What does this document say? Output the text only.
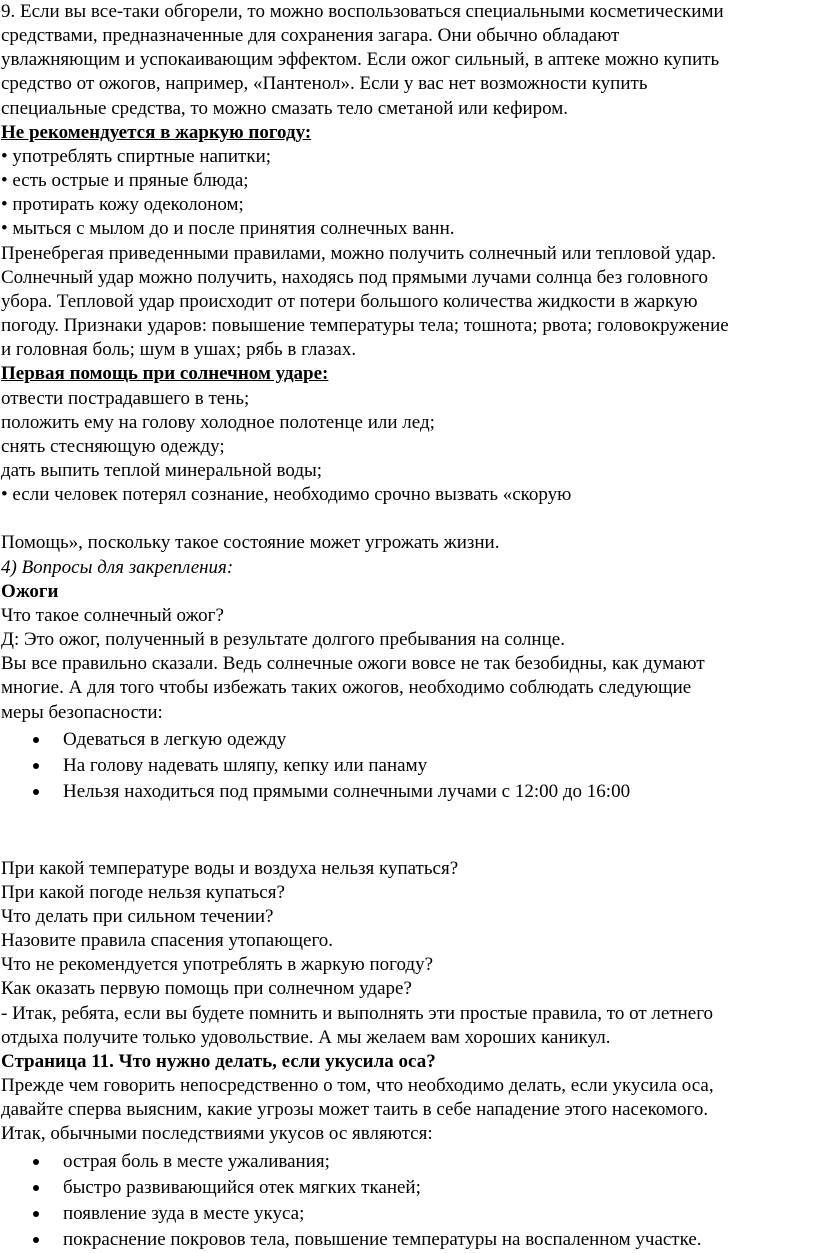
9. Если вы все-таки обгорели, то можно воспользоваться специальными косметическими

средствами, предназначенные для сохранения загара. Они обычно обладают

увлажняющим и успокаивающим эффектом. Если ожог сильный, в аптеке можно купить

средство от ожогов, например, «Пантенол». Если у вас нет возможности купить

специальные средства, то можно смазать тело сметаной или кефиром.

Не рекомендуется в жаркую погоду:

• употреблять спиртные напитки;

• есть острые и пряные блюда;

• протирать кожу одеколоном;

• мыться с мылом до и после принятия солнечных ванн.

Пренебрегая приведенными правилами, можно получить солнечный или тепловой удар.

Солнечный удар можно получить, находясь под прямыми лучами солнца без головного

убора. Тепловой удар происходит от потери большого количества жидкости в жаркую

погоду. Признаки ударов: повышение температуры тела; тошнота; рвота; головокружение

и головная боль; шум в ушах; рябь в глазах.

Первая помощь при солнечном ударе:

отвести пострадавшего в тень;

положить ему на голову холодное полотенце или лед;

снять стесняющую одежду;

дать выпить теплой минеральной воды;

• если человек потерял сознание, необходимо срочно вызвать «скорую

Помощь», поскольку такое состояние может угрожать жизни.

4) Вопросы для закрепления:

Ожоги

Что такое солнечный ожог?

Д: Это ожог, полученный в результате долгого пребывания на солнце.

Вы все правильно сказали. Ведь солнечные ожоги вовсе не так безобидны, как думают

многие. А для того чтобы избежать таких ожогов, необходимо соблюдать следующие

меры безопасности:

Одеваться в легкую одежду
На голову надевать шляпу, кепку или панаму
Нельзя находиться под прямыми солнечными лучами с 12:00 до 16:00

При какой температуре воды и воздуха нельзя купаться?

При какой погоде нельзя купаться?

Что делать при сильном течении?

Назовите правила спасения утопающего.

Что не рекомендуется употреблять в жаркую погоду?

Как оказать первую помощь при солнечном ударе?

- Итак, ребята, если вы будете помнить и выполнять эти простые правила, то от летнего

отдыха получите только удовольствие. А мы желаем вам хороших каникул.

Страница 11. Что нужно делать, если укусила оса?

Прежде чем говорить непосредственно о том, что необходимо делать, если укусила оса,

давайте сперва выясним, какие угрозы может таить в себе нападение этого насекомого.

Итак, обычными последствиями укусов ос являются:

острая боль в месте ужаливания;
быстро развивающийся отек мягких тканей;
появление зуда в месте укуса;
покраснение покровов тела, повышение температуры на воспаленном участке.
